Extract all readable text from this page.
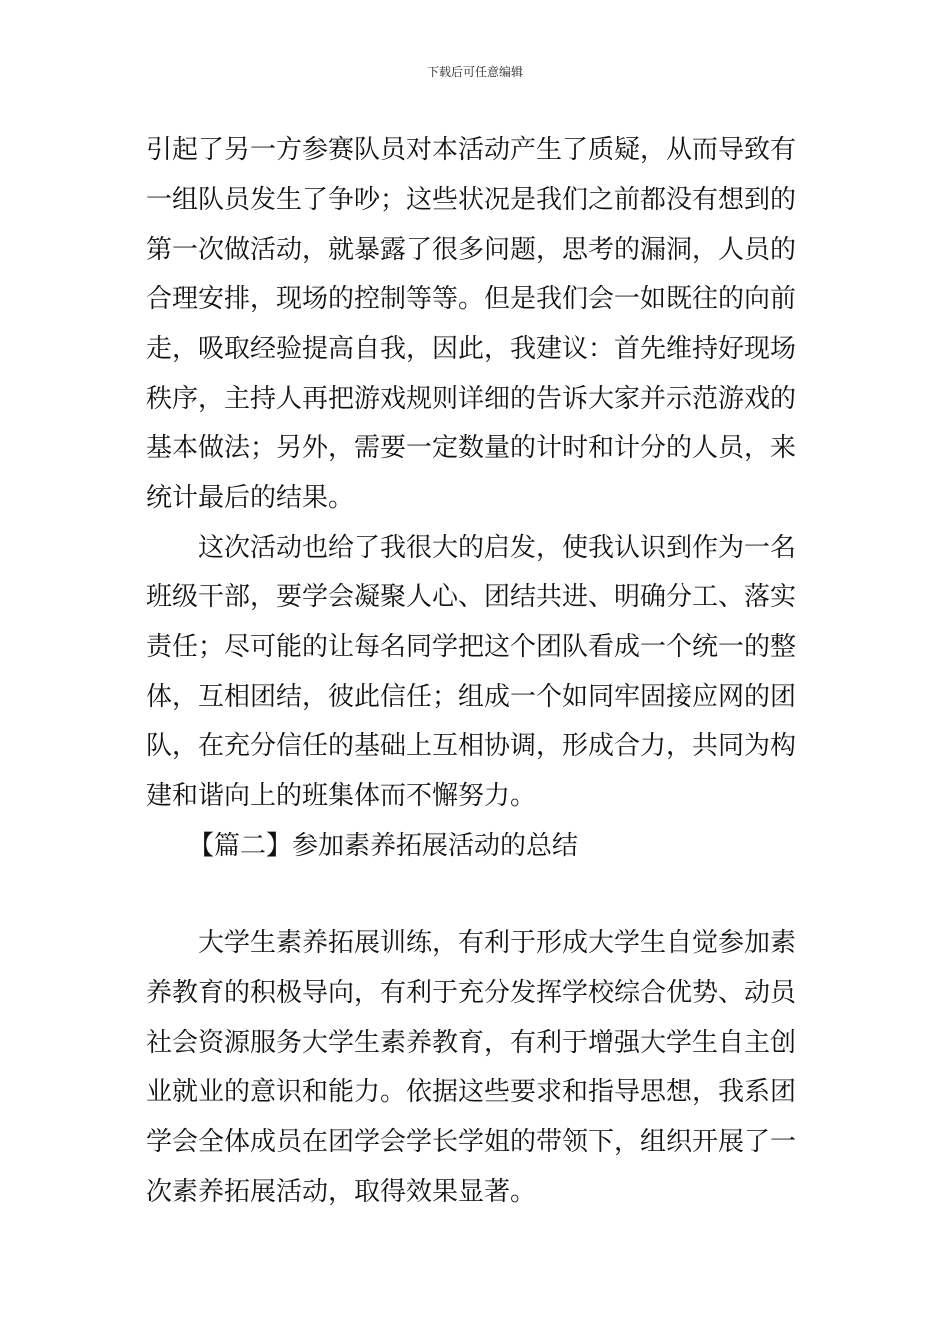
下载后可任意编辑
引起了另一方参赛队员对本活动产生了质疑，从而导致有
一组队员发生了争吵；这些状况是我们之前都没有想到的
第一次做活动，就暴露了很多问题，思考的漏洞，人员的
合理安排，现场的控制等等。但是我们会一如既往的向前
走，吸取经验提高自我，因此，我建议：首先维持好现场
秩序，主持人再把游戏规则详细的告诉大家并示范游戏的
基本做法；另外，需要一定数量的计时和计分的人员，来
统计最后的结果。
这次活动也给了我很大的启发，使我认识到作为一名
班级干部，要学会凝聚人心、团结共进、明确分工、落实
责任；尽可能的让每名同学把这个团队看成一个统一的整
体，互相团结，彼此信任；组成一个如同牢固接应网的团
队，在充分信任的基础上互相协调，形成合力，共同为构
建和谐向上的班集体而不懈努力。
【篇二】参加素养拓展活动的总结
大学生素养拓展训练，有利于形成大学生自觉参加素
养教育的积极导向，有利于充分发挥学校综合优势、动员
社会资源服务大学生素养教育，有利于增强大学生自主创
业就业的意识和能力。依据这些要求和指导思想，我系团
学会全体成员在团学会学长学姐的带领下，组织开展了一
次素养拓展活动，取得效果显著。
